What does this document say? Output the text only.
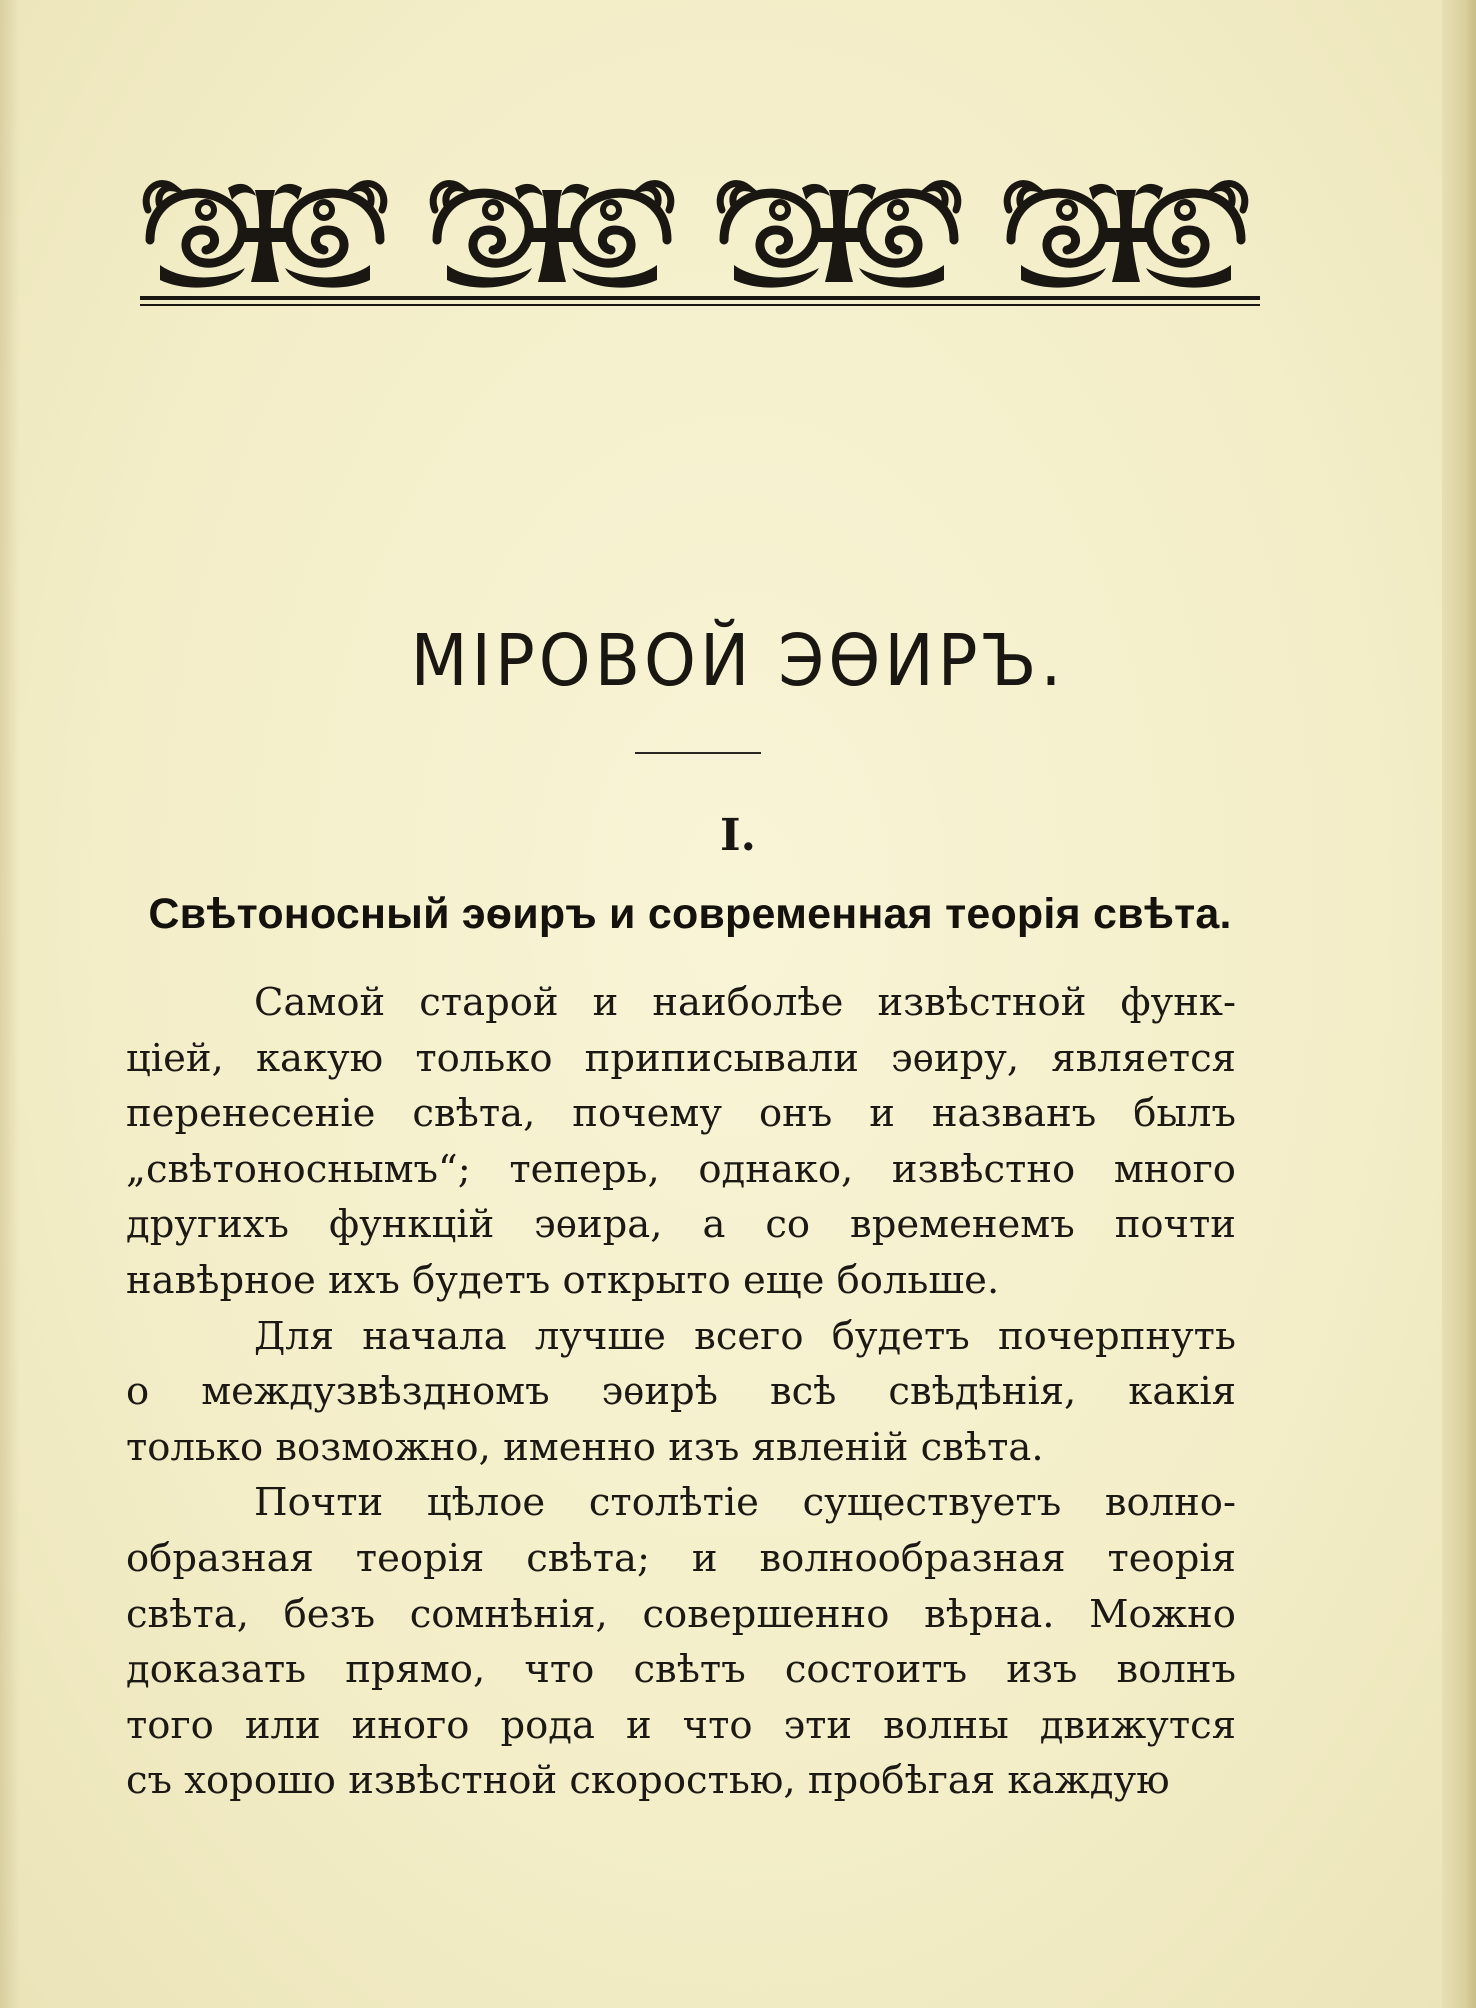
МІРОВОЙ ЭѲИРЪ.
I.
Свѣтоносный эѳиръ и современная теорія свѣта.
Самой старой и наиболѣе извѣстной функ-
ціей, какую только приписывали эѳиру, является
перенесеніе свѣта, почему онъ и названъ былъ
„свѣтоноснымъ“; теперь, однако, извѣстно много
другихъ функцій эѳира, а со временемъ почти
навѣрное ихъ будетъ открыто еще больше.
Для начала лучше всего будетъ почерпнуть
о междузвѣздномъ эѳирѣ всѣ свѣдѣнія, какія
только возможно, именно изъ явленій свѣта.
Почти цѣлое столѣтіе существуетъ волно-
образная теорія свѣта; и волнообразная теорія
свѣта, безъ сомнѣнія, совершенно вѣрна. Можно
доказать прямо, что свѣтъ состоитъ изъ волнъ
того или иного рода и что эти волны движутся
съ хорошо извѣстной скоростью, пробѣгая каждую
